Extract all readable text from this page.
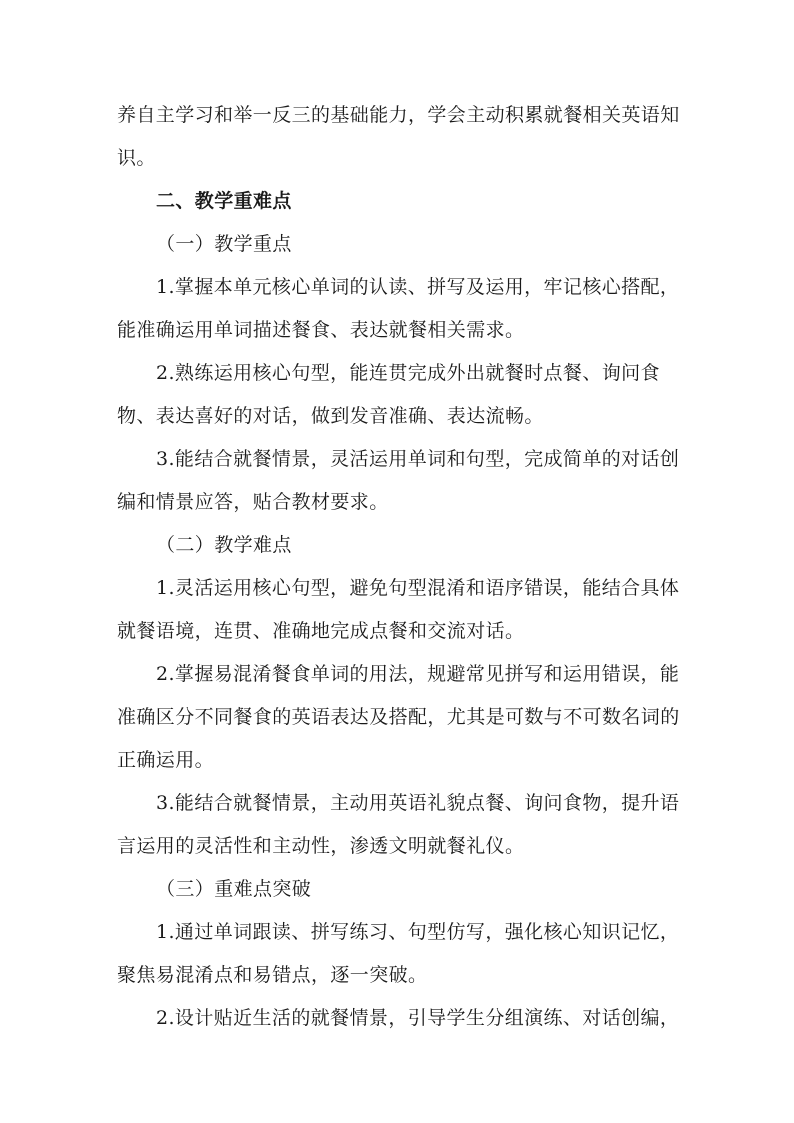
养自主学习和举一反三的基础能力，学会主动积累就餐相关英语知
识。
二、教学重难点
（一）教学重点
1.掌握本单元核心单词的认读、拼写及运用，牢记核心搭配，
能准确运用单词描述餐食、表达就餐相关需求。
2.熟练运用核心句型，能连贯完成外出就餐时点餐、询问食
物、表达喜好的对话，做到发音准确、表达流畅。
3.能结合就餐情景，灵活运用单词和句型，完成简单的对话创
编和情景应答，贴合教材要求。
（二）教学难点
1.灵活运用核心句型，避免句型混淆和语序错误，能结合具体
就餐语境，连贯、准确地完成点餐和交流对话。
2.掌握易混淆餐食单词的用法，规避常见拼写和运用错误，能
准确区分不同餐食的英语表达及搭配，尤其是可数与不可数名词的
正确运用。
3.能结合就餐情景，主动用英语礼貌点餐、询问食物，提升语
言运用的灵活性和主动性，渗透文明就餐礼仪。
（三）重难点突破
1.通过单词跟读、拼写练习、句型仿写，强化核心知识记忆，
聚焦易混淆点和易错点，逐一突破。
2.设计贴近生活的就餐情景，引导学生分组演练、对话创编，
